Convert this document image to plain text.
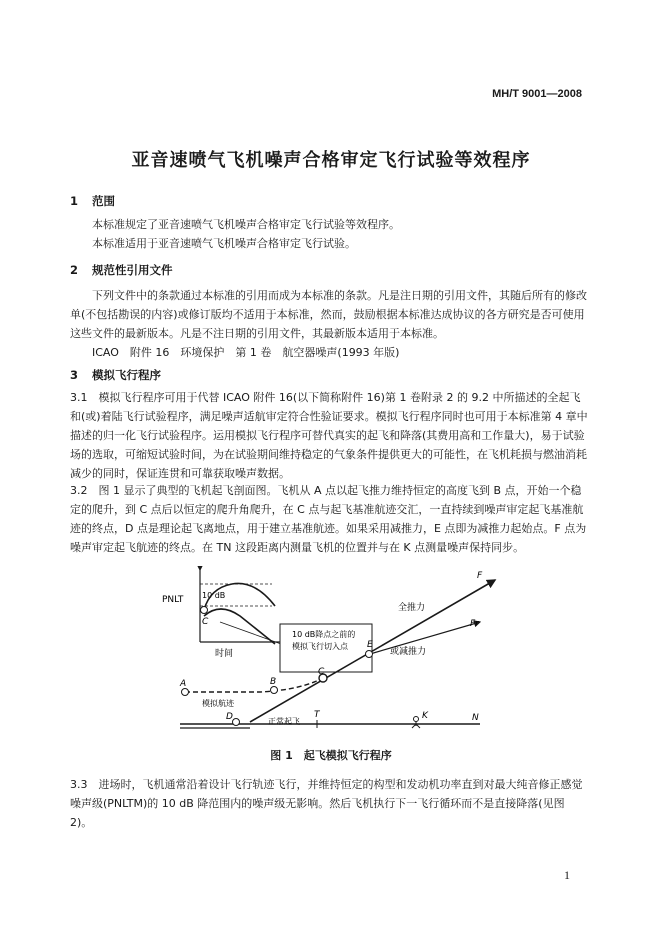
MH/T 9001—2008
亚音速喷气飞机噪声合格审定飞行试验等效程序
1 范围
本标准规定了亚音速喷气飞机噪声合格审定飞行试验等效程序。
本标准适用于亚音速喷气飞机噪声合格审定飞行试验。
2 规范性引用文件
下列文件中的条款通过本标准的引用而成为本标准的条款。凡是注日期的引用文件，其随后所有的修改单(不包括勘误的内容)或修订版均不适用于本标准，然而，鼓励根据本标准达成协议的各方研究是否可使用这些文件的最新版本。凡是不注日期的引用文件，其最新版本适用于本标准。
ICAO　附件 16　环境保护　第 1 卷　航空器噪声(1993 年版)
3 模拟飞行程序
3.1　模拟飞行程序可用于代替 ICAO 附件 16(以下简称附件 16)第 1 卷附录 2 的 9.2 中所描述的全起飞和(或)着陆飞行试验程序，满足噪声适航审定符合性验证要求。模拟飞行程序同时也可用于本标准第 4 章中描述的归一化飞行试验程序。运用模拟飞行程序可替代真实的起飞和降落(其费用高和工作量大)，易于试验场的选取，可缩短试验时间，为在试验期间维持稳定的气象条件提供更大的可能性，在飞机耗损与燃油消耗减少的同时，保证连贯和可靠获取噪声数据。
3.2　图 1 显示了典型的飞机起飞剖面图。飞机从 A 点以起飞推力维持恒定的高度飞到 B 点，开始一个稳定的爬升，到 C 点后以恒定的爬升角爬升，在 C 点与起飞基准航迹交汇，一直持续到噪声审定起飞基准航迹的终点，D 点是理论起飞离地点，用于建立基准航迹。如果采用减推力，E 点即为减推力起始点。F 点为噪声审定起飞航迹的终点。在 TN 这段距离内测量飞机的位置并与在 K 点测量噪声保持同步。
PNLT 10 dB
时间
C
10 dB降点之前的
模拟飞行切入点
全推力
或减推力
模拟航迹
正常起飞
A	B
C
D
E
F
Fr
T	K	N
图 1　起飞模拟飞行程序
3.3　进场时，飞机通常沿着设计飞行轨迹飞行，并维持恒定的构型和发动机功率直到对最大纯音修正感觉噪声级(PNLTM)的 10 dB 降范围内的噪声级无影响。然后飞机执行下一飞行循环而不是直接降落(见图 2)。
1
